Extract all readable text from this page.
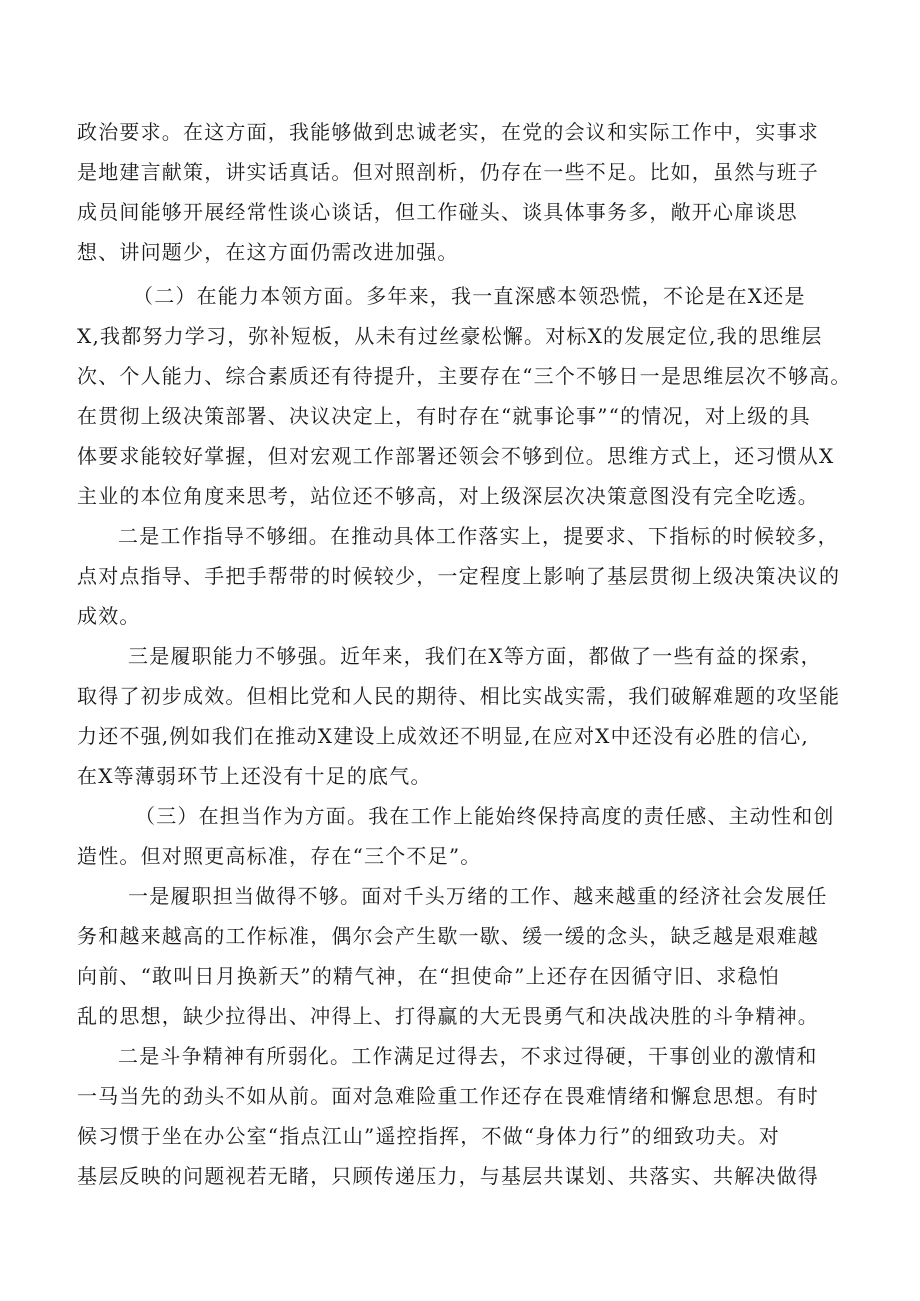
政治要求。在这方面，我能够做到忠诚老实，在党的会议和实际工作中，实事求
是地建言献策，讲实话真话。但对照剖析，仍存在一些不足。比如，虽然与班子
成员间能够开展经常性谈心谈话，但工作碰头、谈具体事务多，敞开心扉谈思
想、讲问题少，在这方面仍需改进加强。
（二）在能力本领方面。多年来，我一直深感本领恐慌，不论是在X还是
X,我都努力学习，弥补短板，从未有过丝豪松懈。对标X的发展定位,我的思维层
次、个人能力、综合素质还有待提升，主要存在“三个不够日一是思维层次不够高。
在贯彻上级决策部署、决议决定上，有时存在“就事论事”“的情况，对上级的具
体要求能较好掌握，但对宏观工作部署还领会不够到位。思维方式上，还习惯从X
主业的本位角度来思考，站位还不够高，对上级深层次决策意图没有完全吃透。
二是工作指导不够细。在推动具体工作落实上，提要求、下指标的时候较多，
点对点指导、手把手帮带的时候较少，一定程度上影响了基层贯彻上级决策决议的
成效。
三是履职能力不够强。近年来，我们在X等方面，都做了一些有益的探索，
取得了初步成效。但相比党和人民的期待、相比实战实需，我们破解难题的攻坚能
力还不强,例如我们在推动X建设上成效还不明显,在应对X中还没有必胜的信心,
在X等薄弱环节上还没有十足的底气。
（三）在担当作为方面。我在工作上能始终保持高度的责任感、主动性和创
造性。但对照更高标准，存在“三个不足”。
一是履职担当做得不够。面对千头万绪的工作、越来越重的经济社会发展任
务和越来越高的工作标准，偶尔会产生歇一歇、缓一缓的念头，缺乏越是艰难越
向前、“敢叫日月换新天”的精气神，在“担使命”上还存在因循守旧、求稳怕
乱的思想，缺少拉得出、冲得上、打得赢的大无畏勇气和决战决胜的斗争精神。
二是斗争精神有所弱化。工作满足过得去，不求过得硬，干事创业的激情和
一马当先的劲头不如从前。面对急难险重工作还存在畏难情绪和懈怠思想。有时
候习惯于坐在办公室“指点江山”遥控指挥，不做“身体力行”的细致功夫。对
基层反映的问题视若无睹，只顾传递压力，与基层共谋划、共落实、共解决做得
